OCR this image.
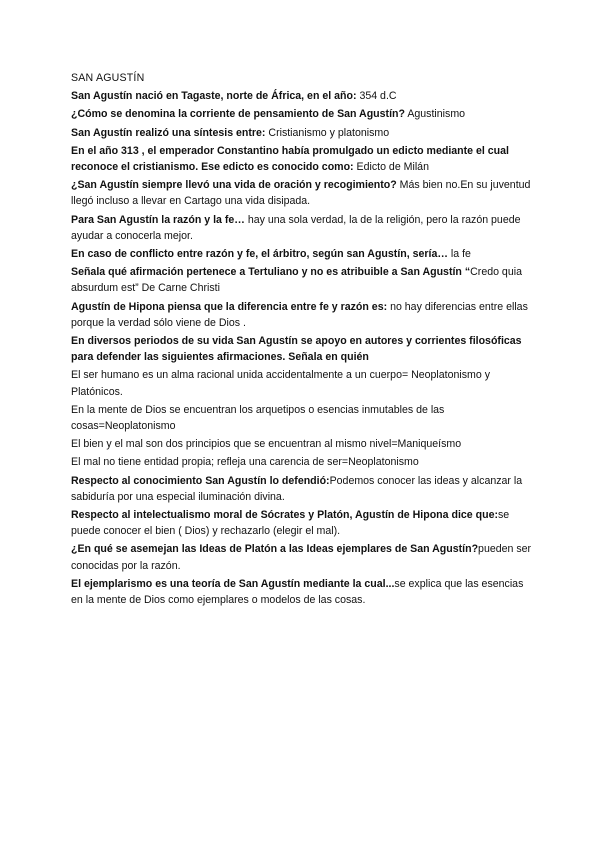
SAN AGUSTÍN
San Agustín nació en Tagaste, norte de África, en el año: 354 d.C
¿Cómo se denomina la corriente de pensamiento de San Agustín? Agustinismo
San Agustín realizó una síntesis entre: Cristianismo y platonismo
En el año 313 , el emperador Constantino había promulgado un edicto mediante el cual reconoce el cristianismo. Ese edicto es conocido como: Edicto de Milán
¿San Agustín siempre llevó una vida de oración y recogimiento? Más bien no.En su juventud llegó incluso a llevar en Cartago una vida disipada.
Para San Agustín la razón y la fe… hay una sola verdad, la de la religión, pero la razón puede ayudar a conocerla mejor.
En caso de conflicto entre razón y fe, el árbitro, según san Agustín, sería… la fe
Señala qué afirmación pertenece a Tertuliano y no es atribuible a San Agustín “Credo quia absurdum est” De Carne Christi
Agustín de Hipona piensa que la diferencia entre fe y razón es: no hay diferencias entre ellas porque la verdad sólo viene de Dios .
En diversos periodos de su vida San Agustín se apoyo en autores y corrientes filosóficas para defender las siguientes afirmaciones. Señala en quién
El ser humano es un alma racional unida accidentalmente a un cuerpo= Neoplatonismo y Platónicos.
En la mente de Dios se encuentran los arquetipos o esencias inmutables de las cosas=Neoplatonismo
El bien y el mal son dos principios que se encuentran al mismo nivel=Maniqueísmo
El mal no tiene entidad propia; refleja una carencia de ser=Neoplatonismo
Respecto al conocimiento San Agustín lo defendió:Podemos conocer las ideas y alcanzar la sabiduría por una especial iluminación divina.
Respecto al intelectualismo moral de Sócrates y Platón, Agustín de Hipona dice que:se puede conocer el bien ( Dios) y rechazarlo (elegir el mal).
¿En qué se asemejan las Ideas de Platón a las Ideas ejemplares de San Agustín?pueden ser conocidas por la razón.
El ejemplarismo es una teoría de San Agustín mediante la cual...se explica que las esencias en la mente de Dios como ejemplares o modelos de las cosas.
